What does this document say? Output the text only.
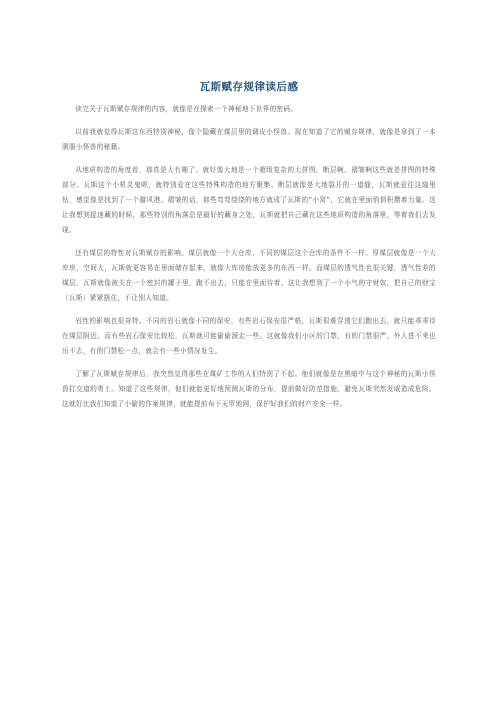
瓦斯赋存规律读后感

读完关于瓦斯赋存规律的内容，就像是在探索一个神秘地下世界的密码。

以前我就觉得瓦斯这东西特别神秘，像个隐藏在煤层里的调皮小怪兽。现在知道了它的赋存规律，就像是拿到了一本驯服小怪兽的秘籍。

从地质构造的角度看，那真是大有趣了。就好像大地是一个超级复杂的大拼图，断层啊、褶皱啊这些就是拼图的特殊部分。瓦斯这个小机灵鬼呢，就特别爱在这些特殊构造的地方聚集。断层就像是大地裂开的一道缝，瓦斯就爱往这缝里钻，感觉像是找到了一个避风港。褶皱的话，那些弯弯绕绕的地方就成了瓦斯的“小窝”，它就在里面悄悄积攒着力量。这让我想到捉迷藏的时候，那些特别的角落总是最好的藏身之处，瓦斯就把自己藏在这些地质构造的角落里，等着我们去发现。

还有煤层的特性对瓦斯赋存的影响。煤层就像一个大仓库，不同的煤层这个仓库的条件不一样。厚煤层就像是一个大库房，空间大，瓦斯就更容易在里面储存起来，就像大库房能放更多的东西一样。而煤层的透气性也很关键，透气性差的煤层，瓦斯就像被关在一个密封的罐子里，跑不出去，只能在里面待着。这让我想到了一个小气的守财奴，把自己的财宝（瓦斯）紧紧捂住，不让别人知道。

岩性的影响也很奇特。不同的岩石就像不同的保安，有些岩石保安很严格，瓦斯很难穿透它们跑出去，就只能乖乖待在煤层附近。而有些岩石保安比较松，瓦斯就可能偷偷溜走一些。这就像我们小区的门禁，有的门禁很严，外人进不来也出不去，有的门禁松一点，就会有一些小情况发生。

了解了瓦斯赋存规律后，我突然觉得那些在煤矿工作的人们特别了不起。他们就像是在黑暗中与这个神秘的瓦斯小怪兽打交道的勇士。知道了这些规律，他们就能更好地预测瓦斯的分布，提前做好防范措施，避免瓦斯突然发威造成危险。这就好比我们知道了小偷的作案规律，就能提前布下天罗地网，保护好我们的财产安全一样。
